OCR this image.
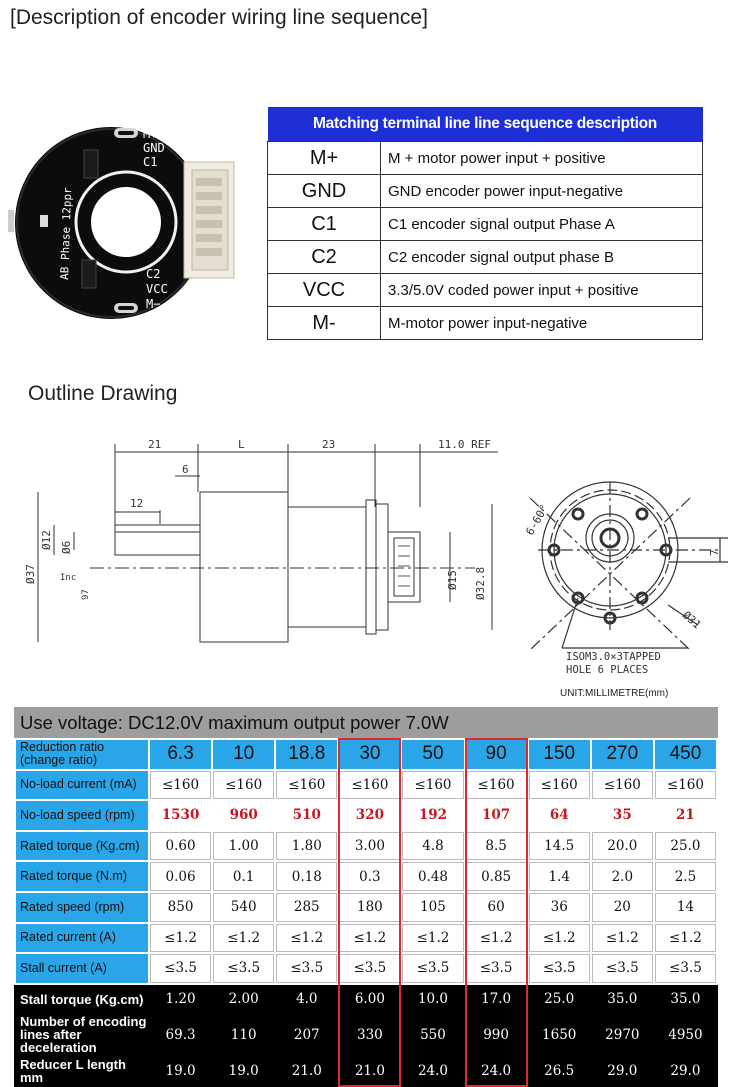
[Description of encoder wiring line sequence]
M+
GND
C1
C2
VCC
M−
AB Phase 12ppr
Matching terminal line line sequence description	
M+	M + motor power input + positive
GND	GND encoder power input-negative
C1	C1 encoder signal output Phase A
C2	C2 encoder signal output phase B
VCC	3.3/5.0V coded power input + positive
M-	M-motor power input-negative
Outline Drawing
21	L	23	11.0 REF
6
12
Ø37
Ø12 Ø6
Inc
97
Ø15 Ø32.8
6-60°
7
Ø31
ISOM3.0×3TAPPED
HOLE 6 PLACES
UNIT:MILLIMETRE(mm)
Use voltage: DC12.0V maximum output power 7.0W
Reduction ratio
(change ratio)	6.3	10	18.8	30	50	90	150	270	450
No-load current (mA)	≤160	≤160	≤160	≤160	≤160	≤160	≤160	≤160	≤160
No-load speed (rpm)	1530	960	510	320	192	107	64	35	21
Rated torque (Kg.cm)	0.60	1.00	1.80	3.00	4.8	8.5	14.5	20.0	25.0
Rated torque (N.m)	0.06	0.1	0.18	0.3	0.48	0.85	1.4	2.0	2.5
Rated speed (rpm)	850	540	285	180	105	60	36	20	14
Rated current (A)	≤1.2	≤1.2	≤1.2	≤1.2	≤1.2	≤1.2	≤1.2	≤1.2	≤1.2
Stall current (A)	≤3.5	≤3.5	≤3.5	≤3.5	≤3.5	≤3.5	≤3.5	≤3.5	≤3.5
Stall torque (Kg.cm)	1.20	2.00	4.0	6.00	10.0	17.0	25.0	35.0	35.0
Number of encoding lines after deceleration	69.3	110	207	330	550	990	1650	2970	4950
Reducer L length mm	19.0	19.0	21.0	21.0	24.0	24.0	26.5	29.0	29.0
